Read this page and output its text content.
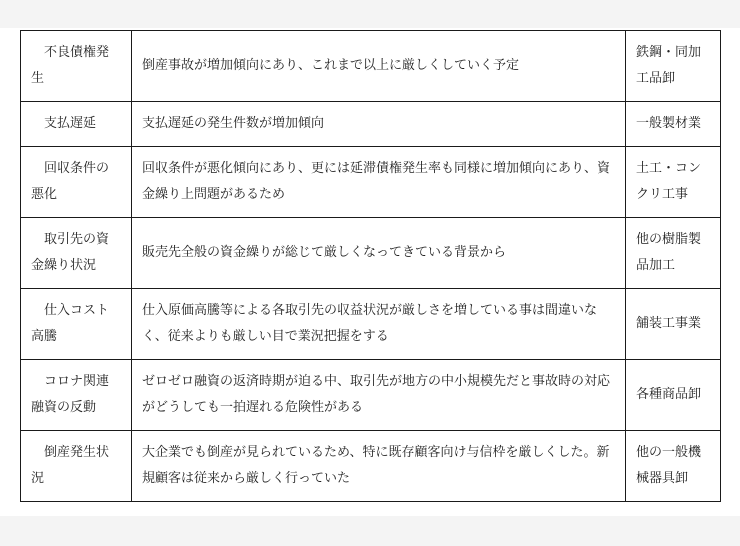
不良債権発生	倒産事故が増加傾向にあり、これまで以上に厳しくしていく予定	鉄鋼・同加工品卸
支払遅延	支払遅延の発生件数が増加傾向	一般製材業
回収条件の悪化	回収条件が悪化傾向にあり、更には延滞債権発生率も同様に増加傾向にあり、資金繰り上問題があるため	土工・コンクリ工事
取引先の資金繰り状況	販売先全般の資金繰りが総じて厳しくなってきている背景から	他の樹脂製品加工
仕入コスト高騰	仕入原価高騰等による各取引先の収益状況が厳しさを増している事は間違いなく、従来よりも厳しい目で業況把握をする	舗装工事業
コロナ関連融資の反動	ゼロゼロ融資の返済時期が迫る中、取引先が地方の中小規模先だと事故時の対応がどうしても一拍遅れる危険性がある	各種商品卸
倒産発生状況	大企業でも倒産が見られているため、特に既存顧客向け与信枠を厳しくした。新規顧客は従来から厳しく行っていた	他の一般機械器具卸
